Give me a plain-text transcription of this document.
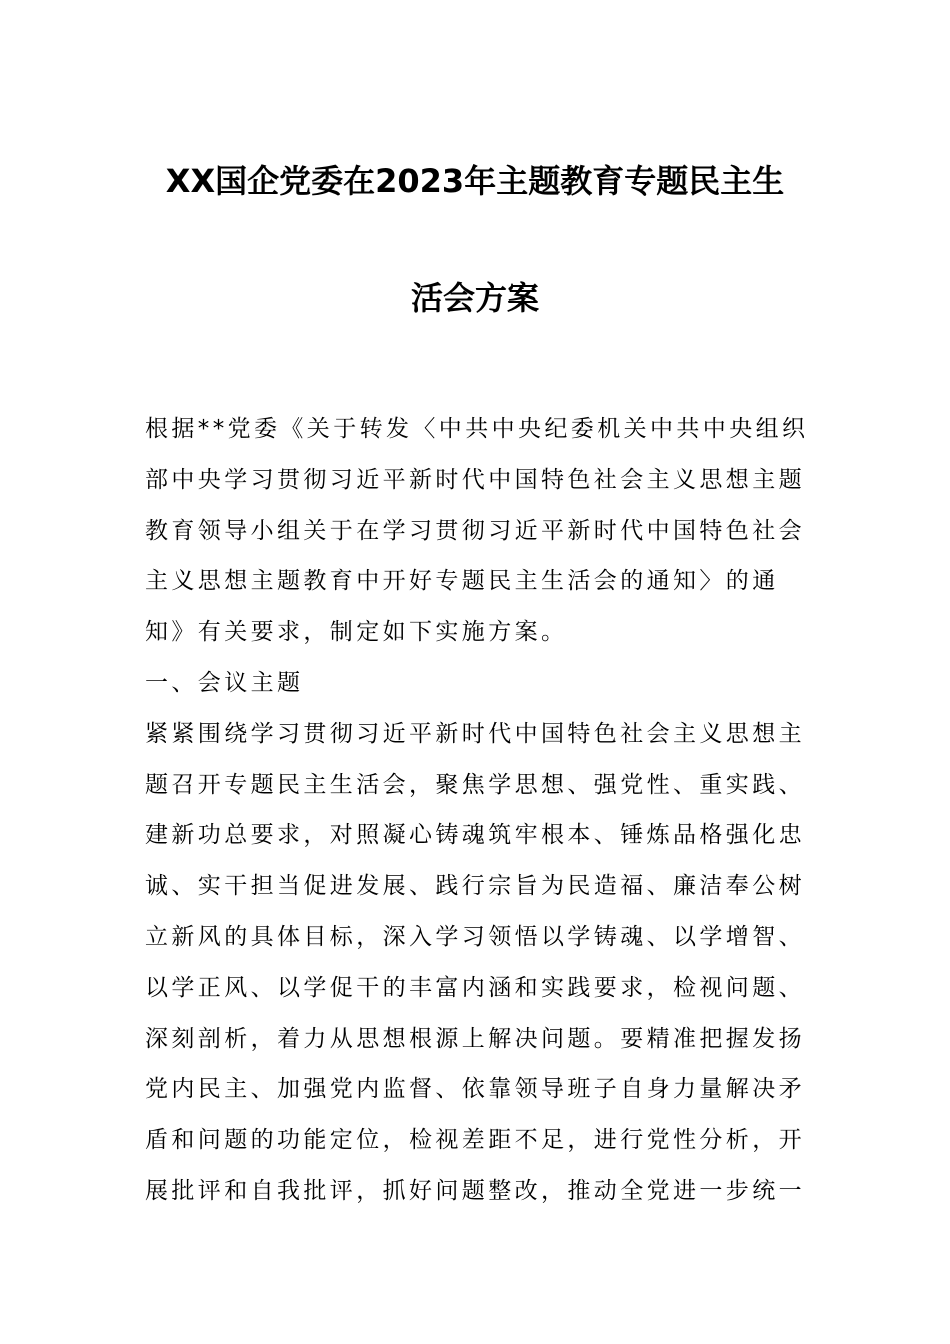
XX国企党委在2023年主题教育专题民主生
活会方案
根据**党委《关于转发〈中共中央纪委机关中共中央组织
部中央学习贯彻习近平新时代中国特色社会主义思想主题
教育领导小组关于在学习贯彻习近平新时代中国特色社会
主义思想主题教育中开好专题民主生活会的通知〉的通
知》有关要求，制定如下实施方案。
一、会议主题
紧紧围绕学习贯彻习近平新时代中国特色社会主义思想主
题召开专题民主生活会，聚焦学思想、强党性、重实践、
建新功总要求，对照凝心铸魂筑牢根本、锤炼品格强化忠
诚、实干担当促进发展、践行宗旨为民造福、廉洁奉公树
立新风的具体目标，深入学习领悟以学铸魂、以学增智、
以学正风、以学促干的丰富内涵和实践要求，检视问题、
深刻剖析，着力从思想根源上解决问题。要精准把握发扬
党内民主、加强党内监督、依靠领导班子自身力量解决矛
盾和问题的功能定位，检视差距不足，进行党性分析，开
展批评和自我批评，抓好问题整改，推动全党进一步统一
